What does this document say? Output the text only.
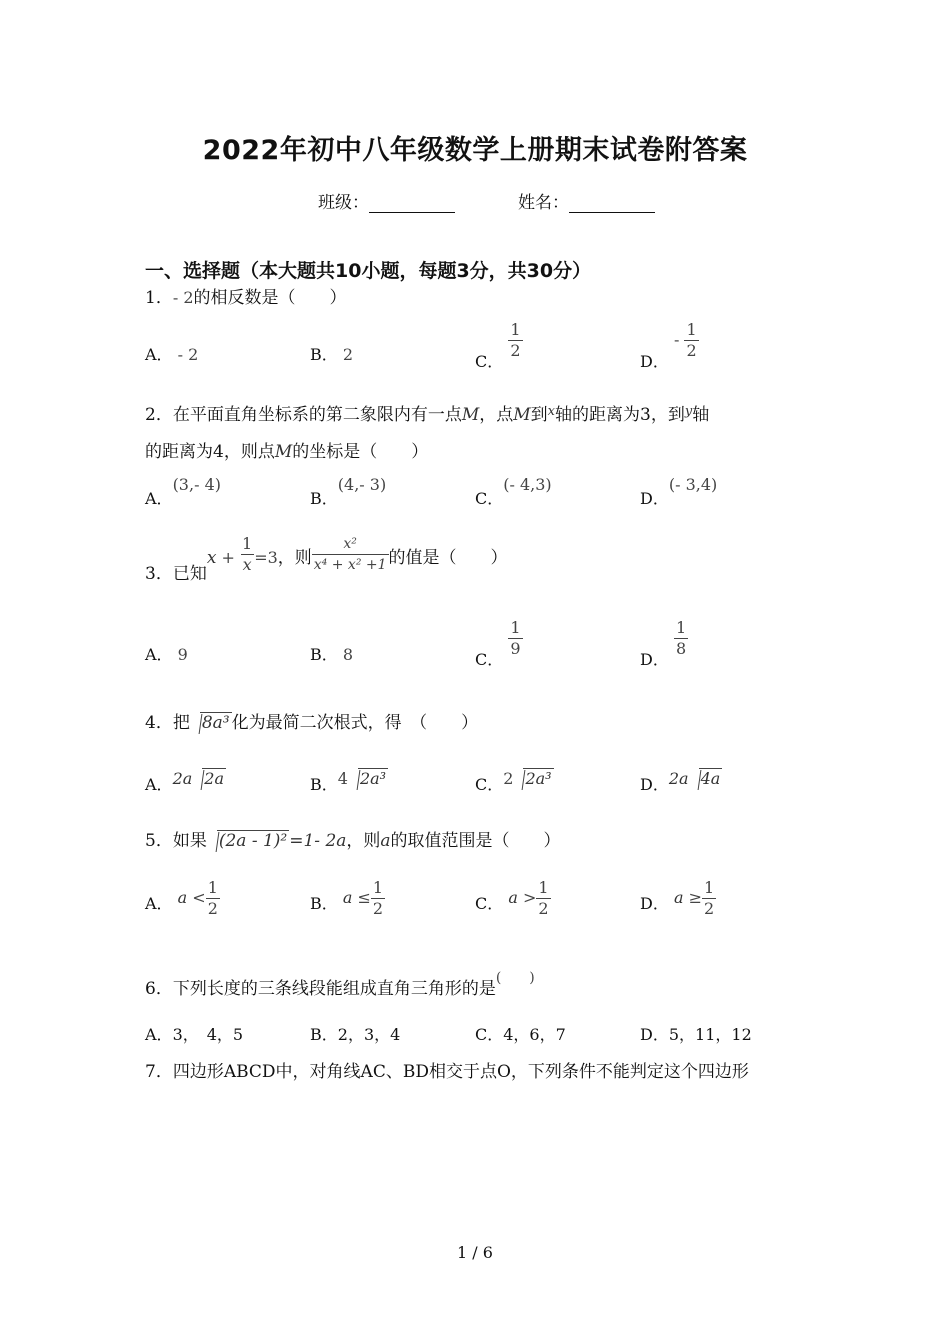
2022年初中八年级数学上册期末试卷附答案
班级：	姓名：
一、选择题（本大题共10小题，每题3分，共30分）
1．- 2的相反数是（　　）
A． - 2	B． 2	C．
$\frac{1}{2}$
D． - $\frac{1}{2}$
2．在平面直角坐标系的第二象限内有一点M，点M到$^x$轴的距离为3，到$^y$轴
的距离为4，则点M的坐标是（　　）
A．(3,- 4)
B．(4,- 3)
C．(- 4,3)
D．(- 3,4)
3．已知$x + \frac{1}{x} =3$，则 $\frac{\text{x²}}{\text{x⁴ + x² +1}}$ 的值是（　　）
A． 9	B． 8	C．
$\frac{1}{9}$
D．
$\frac{1}{8}$
4．把 8a³ 化为最简二次根式，得　（　　）
A．2a 2a	B．4 2a³	C．2 2a³	D．2a 4a
5．如果 (2a - 1)² =1- 2a，则a的取值范围是（　　）
A． $a < \frac{1}{2}$	B． $a \le \frac{1}{2}$	C． $a > \frac{1}{2}$	D． $a \ge \frac{1}{2}$
6．下列长度的三条线段能组成直角三角形的是(　　)
A．3，　4，5	B．2，3，4	C．4，6，7	D．5，11，12
7．四边形ABCD中，对角线AC、BD相交于点O，下列条件不能判定这个四边形
1 / 6
